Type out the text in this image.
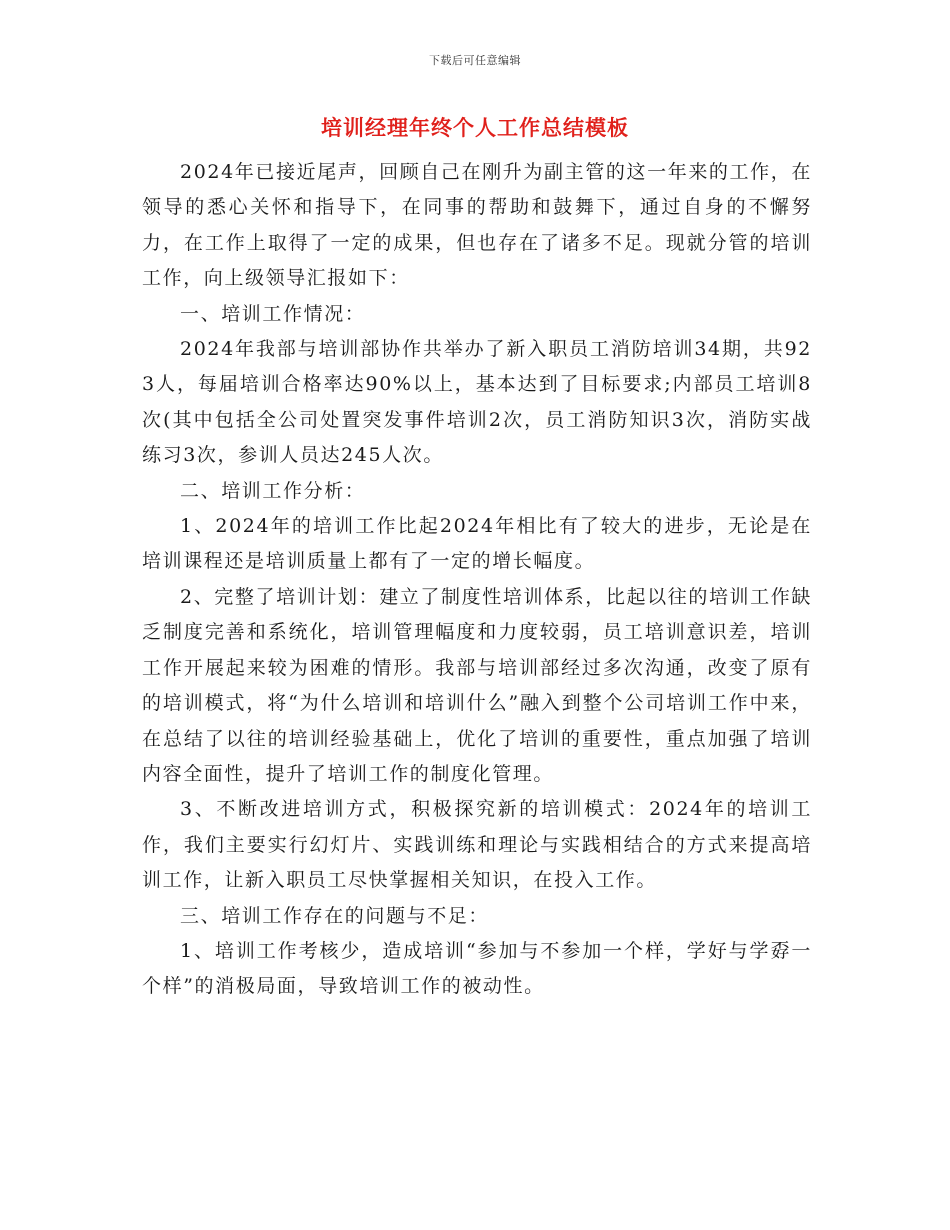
下载后可任意编辑
培训经理年终个人工作总结模板

2024年已接近尾声，回顾自己在刚升为副主管的这一年来的工作，在领导的悉心关怀和指导下，在同事的帮助和鼓舞下，通过自身的不懈努力，在工作上取得了一定的成果，但也存在了诸多不足。现就分管的培训工作，向上级领导汇报如下：

一、培训工作情况：

2024年我部与培训部协作共举办了新入职员工消防培训34期，共923人，每届培训合格率达90%以上，基本达到了目标要求;内部员工培训8次(其中包括全公司处置突发事件培训2次，员工消防知识3次，消防实战练习3次，参训人员达245人次。

二、培训工作分析：

1、2024年的培训工作比起2024年相比有了较大的进步，无论是在培训课程还是培训质量上都有了一定的增长幅度。

2、完整了培训计划：建立了制度性培训体系，比起以往的培训工作缺乏制度完善和系统化，培训管理幅度和力度较弱，员工培训意识差，培训工作开展起来较为困难的情形。我部与培训部经过多次沟通，改变了原有的培训模式，将“为什么培训和培训什么”融入到整个公司培训工作中来，在总结了以往的培训经验基础上，优化了培训的重要性，重点加强了培训内容全面性，提升了培训工作的制度化管理。

3、不断改进培训方式，积极探究新的培训模式：2024年的培训工作，我们主要实行幻灯片、实践训练和理论与实践相结合的方式来提高培训工作，让新入职员工尽快掌握相关知识，在投入工作。

三、培训工作存在的问题与不足：

1、培训工作考核少，造成培训“参加与不参加一个样，学好与学孬一个样”的消极局面，导致培训工作的被动性。
